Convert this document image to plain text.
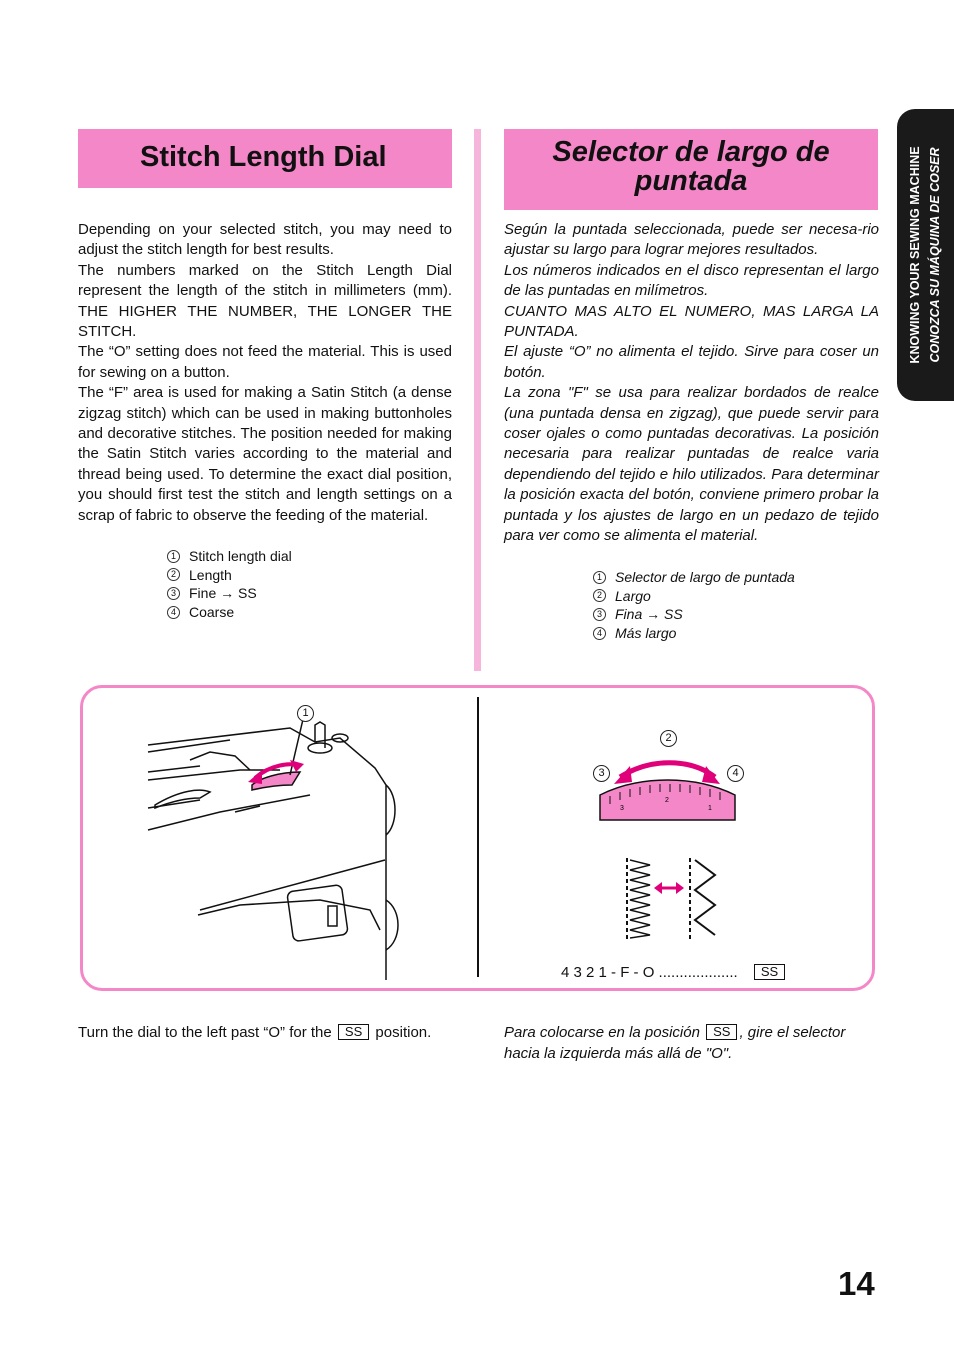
KNOWING YOUR SEWING MACHINE CONOZCA SU MÁQUINA DE COSER
Stitch Length Dial	Selector de largo de
puntada

Depending on your selected stitch, you may need to adjust the stitch length for best results.

The numbers marked on the Stitch Length Dial represent the length of the stitch in millimeters (mm). THE HIGHER THE NUMBER, THE LONGER THE STITCH.

The “O” setting does not feed the material. This is used for sewing on a button.

The “F” area is used for making a Satin Stitch (a dense zigzag stitch) which can be used in making buttonholes and decorative stitches. The position needed for making the Satin Stitch varies according to the material and thread being used. To determine the exact dial position, you should first test the stitch and length settings on a scrap of fabric to observe the feeding of the material.

1 Stitch length dial
2 Length
3 Fine → SS
4 Coarse

Según la puntada seleccionada, puede ser necesa-rio ajustar su largo para lograr mejores resultados.

Los números indicados en el disco representan el largo de las puntadas en milímetros.

CUANTO MAS ALTO EL NUMERO, MAS LARGA LA PUNTADA.

El ajuste “O” no alimenta el tejido. Sirve para coser un botón.

La zona "F" se usa para realizar bordados de realce (una puntada densa en zigzag), que puede servir para coser ojales o como puntadas decorativas. La posición necesaria para realizar puntadas de realce varia dependiendo del tejido e hilo utilizados. Para determinar la posición exacta del botón, conviene primero probar la puntada y los ajustes de largo en un pedazo de tejido para ver como se alimenta el material.

1 Selector de largo de puntada
2 Largo
3 Fina → SS
4 Más largo
1
3
2
1
2
3	4
4 3 2 1 - F - O ................... SS
Turn the dial to the left past “O” for the SS position.	Para colocarse en la posición SS , gire el selector hacia la izquierda más allá de "O".
14
